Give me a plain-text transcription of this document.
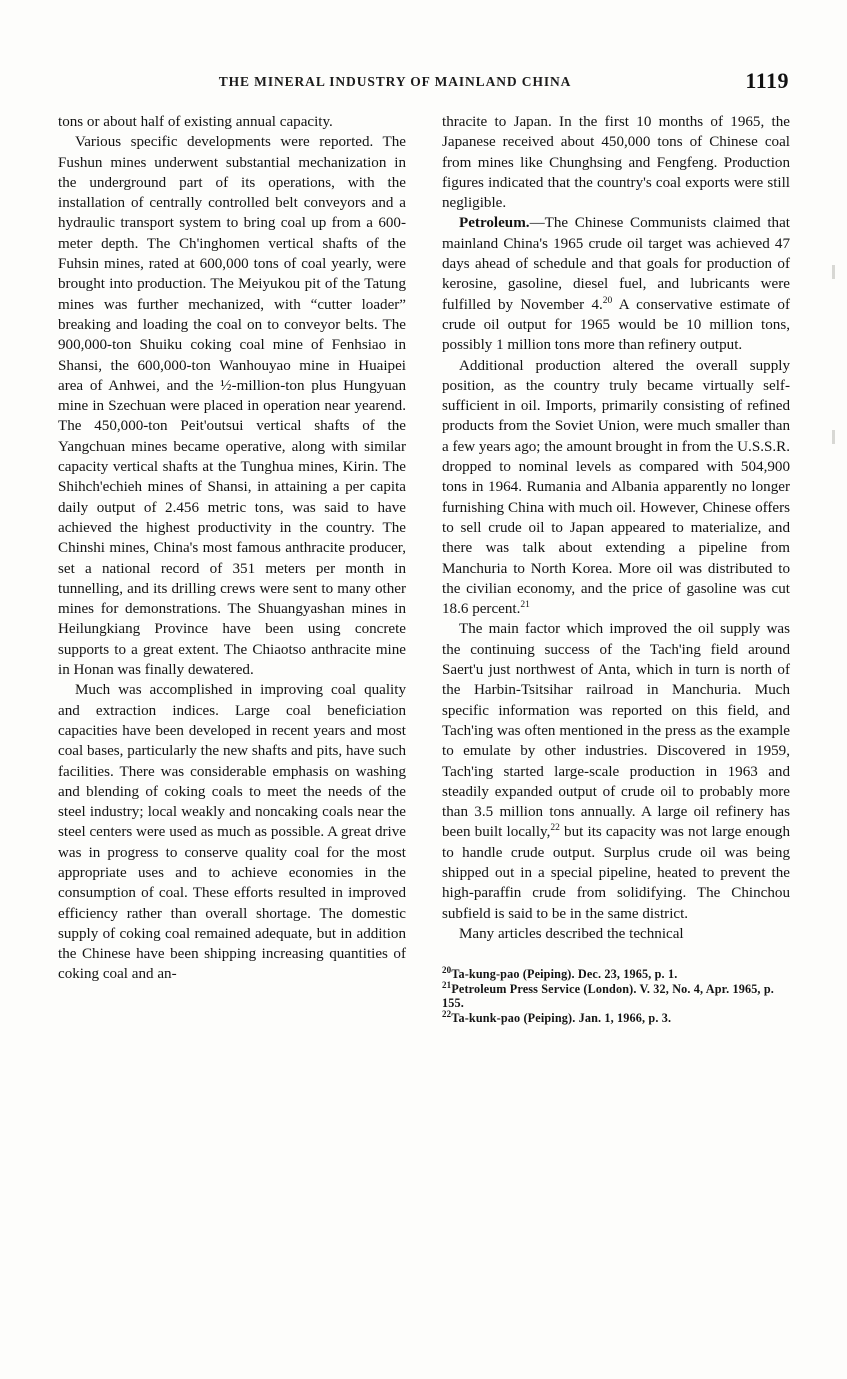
THE MINERAL INDUSTRY OF MAINLAND CHINA	1119

tons or about half of existing annual capacity.

Various specific developments were reported. The Fushun mines underwent substantial mechanization in the underground part of its operations, with the installation of centrally controlled belt conveyors and a hydraulic transport system to bring coal up from a 600-meter depth. The Ch'inghomen vertical shafts of the Fuhsin mines, rated at 600,000 tons of coal yearly, were brought into production. The Meiyukou pit of the Tatung mines was further mechanized, with “cutter loader” breaking and loading the coal on to conveyor belts. The 900,000-ton Shuiku coking coal mine of Fenhsiao in Shansi, the 600,000-ton Wanhouyao mine in Huaipei area of Anhwei, and the ½-million-ton plus Hungyuan mine in Szechuan were placed in operation near yearend. The 450,000-ton Peit'outsui vertical shafts of the Yangchuan mines became operative, along with similar capacity vertical shafts at the Tunghua mines, Kirin. The Shihch'echieh mines of Shansi, in attaining a per capita daily output of 2.456 metric tons, was said to have achieved the highest productivity in the country. The Chinshi mines, China's most famous anthracite producer, set a national record of 351 meters per month in tunnelling, and its drilling crews were sent to many other mines for demonstrations. The Shuangyashan mines in Heilungkiang Province have been using concrete supports to a great extent. The Chiaotso anthracite mine in Honan was finally dewatered.

Much was accomplished in improving coal quality and extraction indices. Large coal beneficiation capacities have been developed in recent years and most coal bases, particularly the new shafts and pits, have such facilities. There was considerable emphasis on washing and blending of coking coals to meet the needs of the steel industry; local weakly and noncaking coals near the steel centers were used as much as possible. A great drive was in progress to conserve quality coal for the most appropriate uses and to achieve economies in the consumption of coal. These efforts resulted in improved efficiency rather than overall shortage. The domestic supply of coking coal remained adequate, but in addition the Chinese have been shipping increasing quantities of coking coal and an-

thracite to Japan. In the first 10 months of 1965, the Japanese received about 450,000 tons of Chinese coal from mines like Chunghsing and Fengfeng. Production figures indicated that the country's coal exports were still negligible.

Petroleum.—The Chinese Communists claimed that mainland China's 1965 crude oil target was achieved 47 days ahead of schedule and that goals for production of kerosine, gasoline, diesel fuel, and lubricants were fulfilled by November 4.20 A conservative estimate of crude oil output for 1965 would be 10 million tons, possibly 1 million tons more than refinery output.

Additional production altered the overall supply position, as the country truly became virtually self-sufficient in oil. Imports, primarily consisting of refined products from the Soviet Union, were much smaller than a few years ago; the amount brought in from the U.S.S.R. dropped to nominal levels as compared with 504,900 tons in 1964. Rumania and Albania apparently no longer furnishing China with much oil. However, Chinese offers to sell crude oil to Japan appeared to materialize, and there was talk about extending a pipeline from Manchuria to North Korea. More oil was distributed to the civilian economy, and the price of gasoline was cut 18.6 percent.$^{21}$

The main factor which improved the oil supply was the continuing success of the Tach'ing field around Saert'u just northwest of Anta, which in turn is north of the Harbin-Tsitsihar railroad in Manchuria. Much specific information was reported on this field, and Tach'ing was often mentioned in the press as the example to emulate by other industries. Discovered in 1959, Tach'ing started large-scale production in 1963 and steadily expanded output of crude oil to probably more than 3.5 million tons annually. A large oil refinery has been built locally,$^{22}$ but its capacity was not large enough to handle crude output. Surplus crude oil was being shipped out in a special pipeline, heated to prevent the high-paraffin crude from solidifying. The Chinchou subfield is said to be in the same district.

Many articles described the technical

$^{20}$Ta-kung-pao (Peiping). Dec. 23, 1965, p. 1.

$^{21}$Petroleum Press Service (London). V. 32, No. 4, Apr. 1965, p. 155.

$^{22}$Ta-kunk-pao (Peiping). Jan. 1, 1966, p. 3.
